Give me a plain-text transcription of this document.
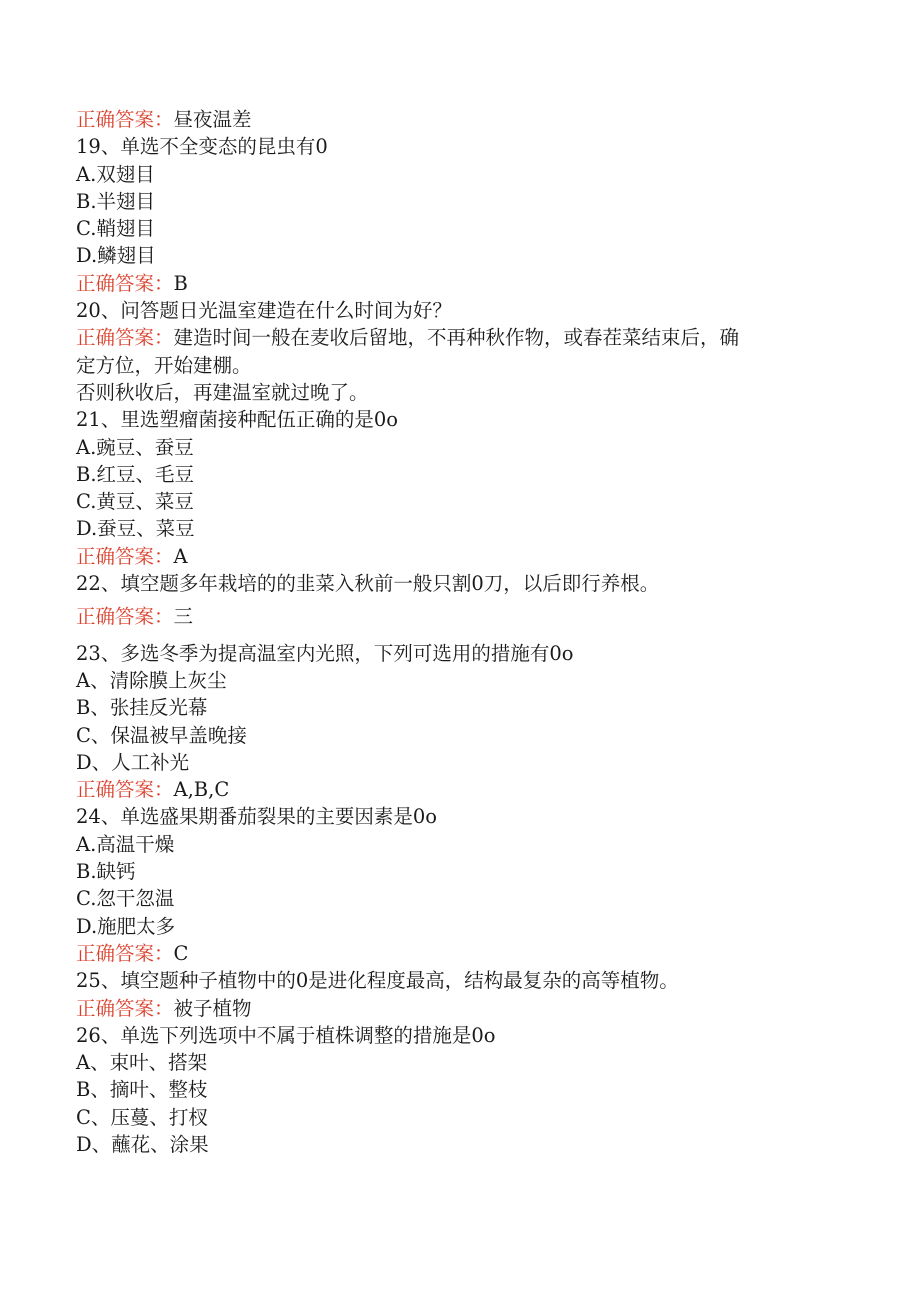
正确答案：昼夜温差
19、单选不全变态的昆虫有0
A.双翅目
B.半翅目
C.鞘翅目
D.鳞翅目
正确答案：B
20、问答题日光温室建造在什么时间为好？
正确答案：建造时间一般在麦收后留地，不再种秋作物，或春茬菜结束后，确
定方位，开始建棚。
否则秋收后，再建温室就过晚了。
21、里选塑瘤菌接种配伍正确的是0o
A.豌豆、蚕豆
B.红豆、毛豆
C.黄豆、菜豆
D.蚕豆、菜豆
正确答案：A
22、填空题多年栽培的的韭菜入秋前一般只割0刀，以后即行养根。
正确答案：三
23、多选冬季为提高温室内光照，下列可选用的措施有0o
A、清除膜上灰尘
B、张挂反光幕
C、保温被早盖晚接
D、人工补光
正确答案：A,B,C
24、单选盛果期番茄裂果的主要因素是0o
A.高温干燥
B.缺钙
C.忽干忽温
D.施肥太多
正确答案：C
25、填空题种子植物中的0是进化程度最高，结构最复杂的高等植物。
正确答案：被子植物
26、单选下列选项中不属于植株调整的措施是0o
A、束叶、搭架
B、摘叶、整枝
C、压蔓、打杈
D、蘸花、涂果
